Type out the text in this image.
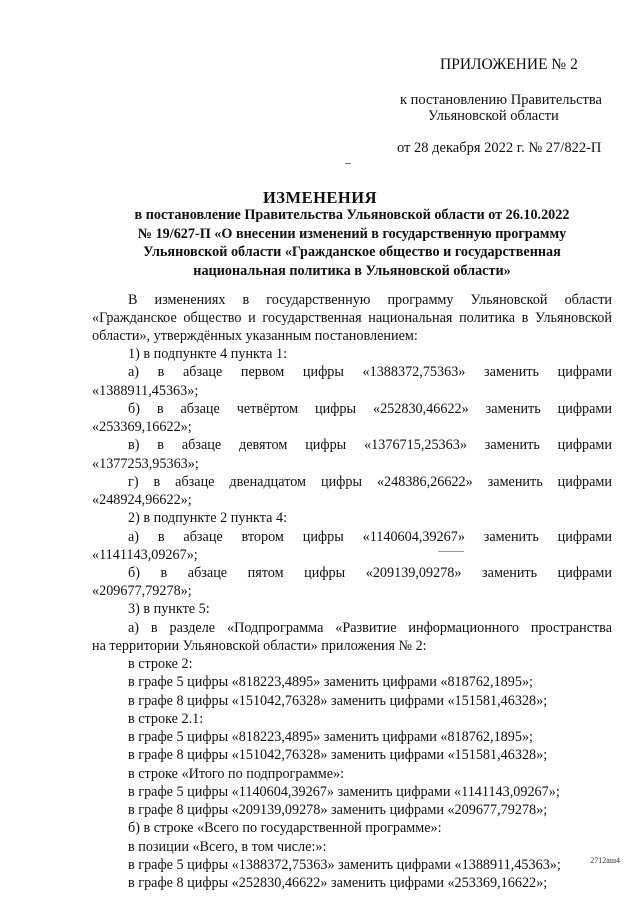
ПРИЛОЖЕНИЕ № 2
к постановлению Правительства
Ульяновской области
от 28 декабря 2022 г. № 27/822-П
ИЗМЕНЕНИЯ
в постановление Правительства Ульяновской области от 26.10.2022
№ 19/627-П «О внесении изменений в государственную программу
Ульяновской области «Гражданское общество и государственная
национальная политика в Ульяновской области»
В изменениях в государственную программу Ульяновской области
«Гражданское общество и государственная национальная политика в Ульяновской
области», утверждённых указанным постановлением:
1) в подпункте 4 пункта 1:
а) в абзаце первом цифры «1388372,75363» заменить цифрами
«1388911,45363»;
б) в абзаце четвёртом цифры «252830,46622» заменить цифрами
«253369,16622»;
в) в абзаце девятом цифры «1376715,25363» заменить цифрами
«1377253,95363»;
г) в абзаце двенадцатом цифры «248386,26622» заменить цифрами
«248924,96622»;
2) в подпункте 2 пункта 4:
а) в абзаце втором цифры «1140604,39267» заменить цифрами
«1141143,09267»;
б) в абзаце пятом цифры «209139,09278» заменить цифрами
«209677,79278»;
3) в пункте 5:
а) в разделе «Подпрограмма «Развитие информационного пространства
на территории Ульяновской области» приложения № 2:
в строке 2:
в графе 5 цифры «818223,4895» заменить цифрами «818762,1895»;
в графе 8 цифры «151042,76328» заменить цифрами «151581,46328»;
в строке 2.1:
в графе 5 цифры «818223,4895» заменить цифрами «818762,1895»;
в графе 8 цифры «151042,76328» заменить цифрами «151581,46328»;
в строке «Итого по подпрограмме»:
в графе 5 цифры «1140604,39267» заменить цифрами «1141143,09267»;
в графе 8 цифры «209139,09278» заменить цифрами «209677,79278»;
б) в строке «Всего по государственной программе»:
в позиции «Всего, в том числе:»:
в графе 5 цифры «1388372,75363» заменить цифрами «1388911,45363»;
в графе 8 цифры «252830,46622» заменить цифрами «253369,16622»;
2712аш4
